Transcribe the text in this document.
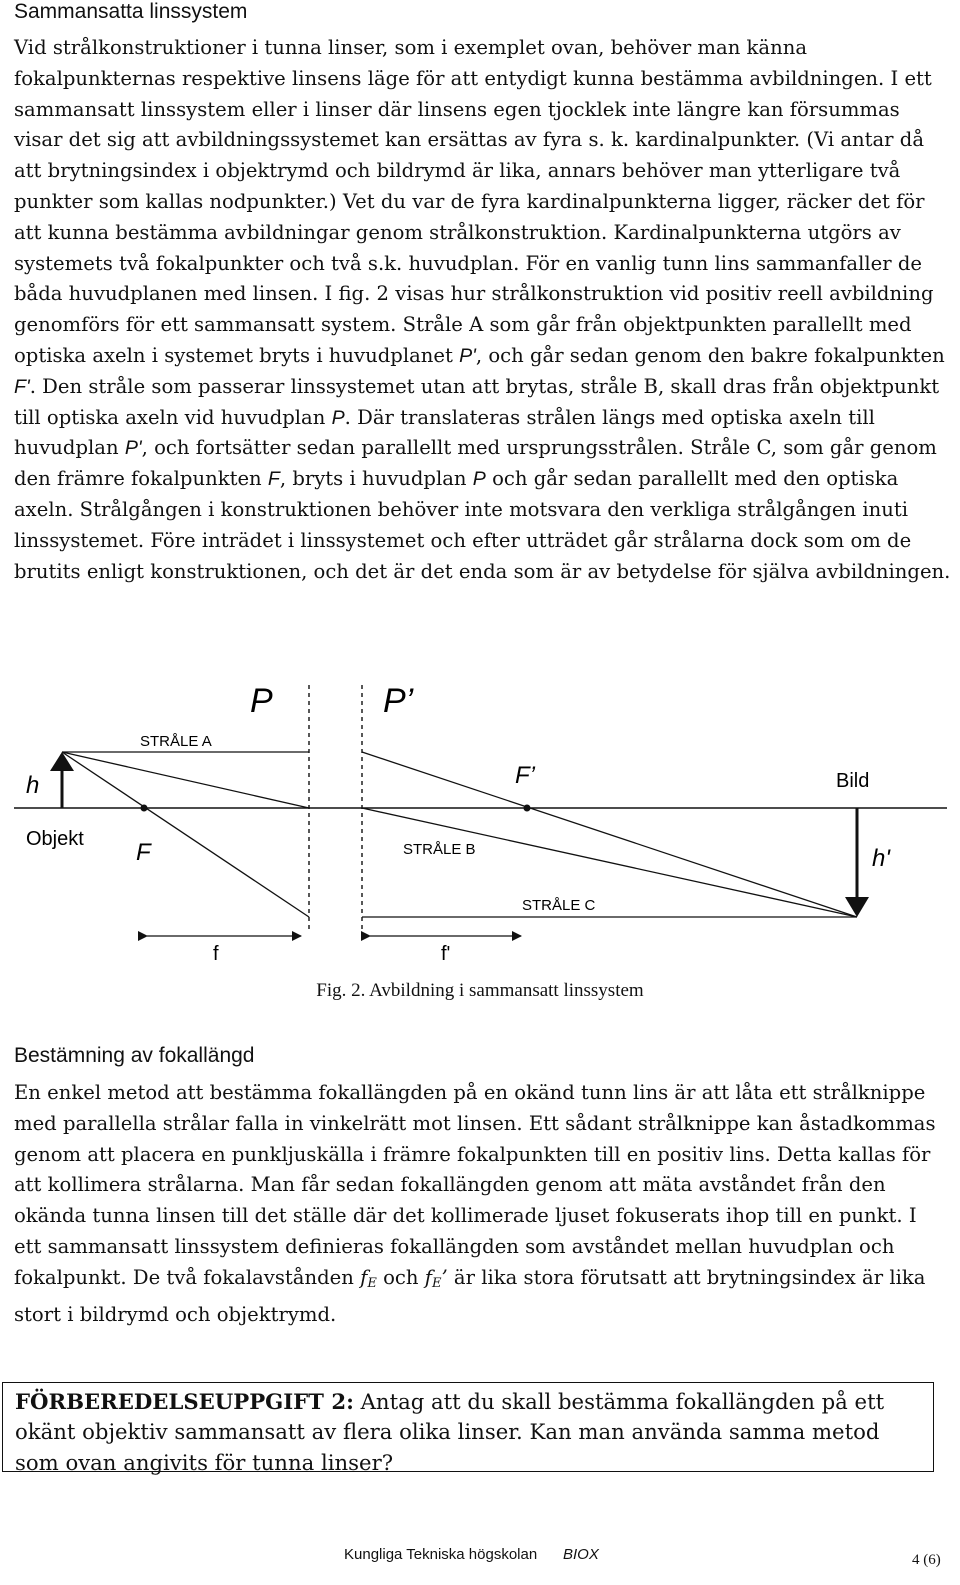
Sammansatta linssystem
Vid strålkonstruktioner i tunna linser, som i exemplet ovan, behöver man känna fokalpunkternas respektive linsens läge för att entydigt kunna bestämma avbildningen. I ett sammansatt linssystem eller i linser där linsens egen tjocklek inte längre kan försummas visar det sig att avbildningssystemet kan ersättas av fyra s. k. kardinalpunkter. (Vi antar då att brytningsindex i objektrymd och bildrymd är lika, annars behöver man ytterligare två punkter som kallas nodpunkter.) Vet du var de fyra kardinalpunkterna ligger, räcker det för att kunna bestämma avbildningar genom strålkonstruktion. Kardinalpunkterna utgörs av systemets två fokalpunkter och två s.k. huvudplan. För en vanlig tunn lins sammanfaller de båda huvudplanen med linsen. I fig. 2 visas hur strålkonstruktion vid positiv reell avbildning genomförs för ett sammansatt system. Stråle A som går från objektpunkten parallellt med optiska axeln i systemet bryts i huvudplanet P', och går sedan genom den bakre fokalpunkten F'. Den stråle som passerar linssystemet utan att brytas, stråle B, skall dras från objektpunkt till optiska axeln vid huvudplan P. Där translateras strålen längs med optiska axeln till huvudplan P', och fortsätter sedan parallellt med ursprungsstrålen. Stråle C, som går genom den främre fokalpunkten F, bryts i huvudplan P och går sedan parallellt med den optiska axeln. Strålgången i konstruktionen behöver inte motsvara den verkliga strålgången inuti linssystemet. Före inträdet i linssystemet och efter utträdet går strålarna dock som om de brutits enligt konstruktionen, och det är det enda som är av betydelse för själva avbildningen.
P	P’
STRÅLE A
STRÅLE B
STRÅLE C
h
Objekt F
F’	Bild
h'
f	f'
Fig. 2. Avbildning i sammansatt linssystem
Bestämning av fokallängd
En enkel metod att bestämma fokallängden på en okänd tunn lins är att låta ett strålknippe med parallella strålar falla in vinkelrätt mot linsen. Ett sådant strålknippe kan åstadkommas genom att placera en punkljuskälla i främre fokalpunkten till en positiv lins. Detta kallas för att kollimera strålarna. Man får sedan fokallängden genom att mäta avståndet från den okända tunna linsen till det ställe där det kollimerade ljuset fokuserats ihop till en punkt. I ett sammansatt linssystem definieras fokallängden som avståndet mellan huvudplan och fokalpunkt. De två fokalavstånden $f_E$ och $f_E$’ är lika stora förutsatt att brytningsindex är lika stort i bildrymd och objektrymd.
FÖRBEREDELSEUPPGIFT 2: Antag att du skall bestämma fokallängden på ett okänt objektiv sammansatt av flera olika linser. Kan man använda samma metod som ovan angivits för tunna linser?
Kungliga Tekniska högskolan BIOX	4 (6)
